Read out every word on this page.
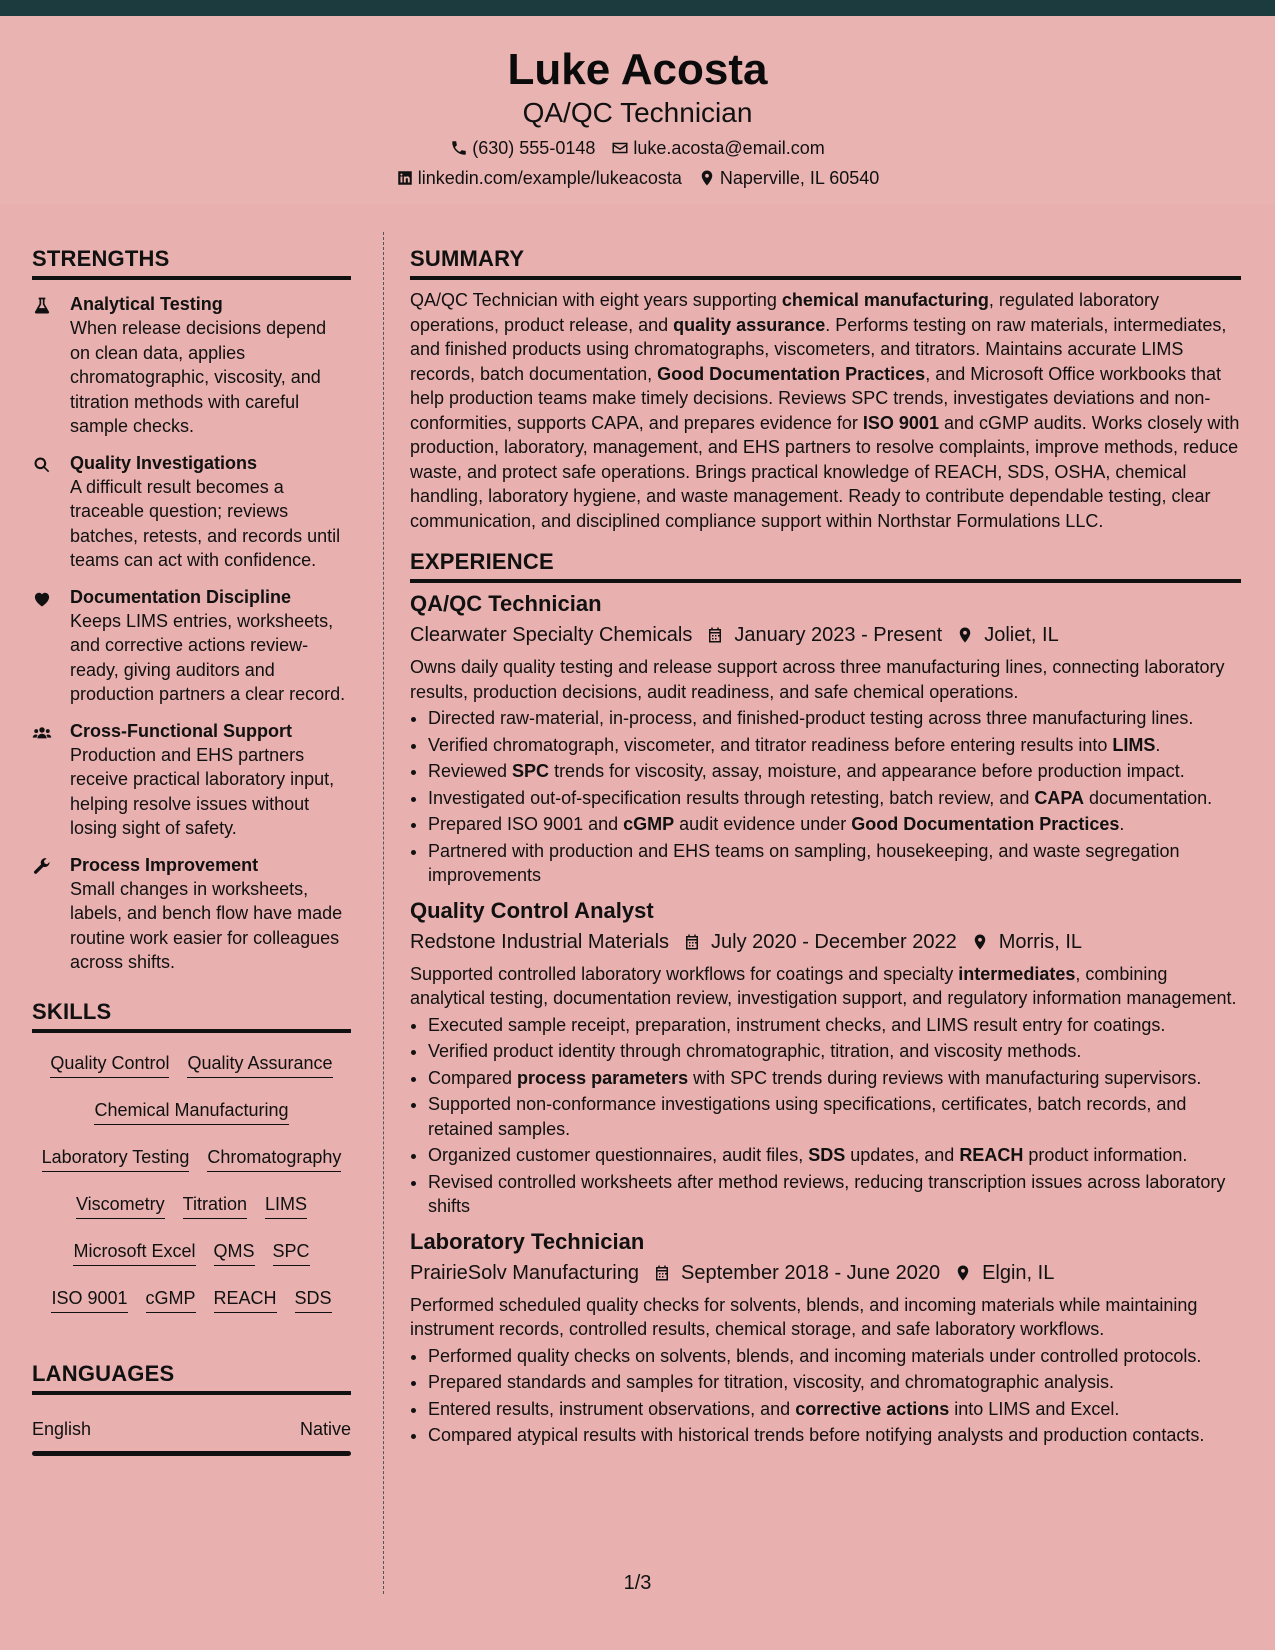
Luke Acosta
QA/QC Technician
(630) 555-0148 luke.acosta@email.com
linkedin.com/example/lukeacosta Naperville, IL 60540
STRENGTHS
Analytical Testing
When release decisions depend on clean data, applies chromatographic, viscosity, and titration methods with careful sample checks.
Quality Investigations
A difficult result becomes a traceable question; reviews batches, retests, and records until teams can act with confidence.
Documentation Discipline
Keeps LIMS entries, worksheets, and corrective actions review-ready, giving auditors and production partners a clear record.
Cross-Functional Support
Production and EHS partners receive practical laboratory input, helping resolve issues without losing sight of safety.
Process Improvement
Small changes in worksheets, labels, and bench flow have made routine work easier for colleagues across shifts.
SKILLS
Quality Control Quality Assurance
Chemical Manufacturing
Laboratory Testing Chromatography
Viscometry Titration LIMS
Microsoft Excel QMS SPC
ISO 9001 cGMP REACH SDS
LANGUAGES
English	Native
SUMMARY

QA/QC Technician with eight years supporting chemical manufacturing, regulated laboratory operations, product release, and quality assurance. Performs testing on raw materials, intermediates, and finished products using chromatographs, viscometers, and titrators. Maintains accurate LIMS records, batch documentation, Good Documentation Practices, and Microsoft Office workbooks that help production teams make timely decisions. Reviews SPC trends, investigates deviations and non-conformities, supports CAPA, and prepares evidence for ISO 9001 and cGMP audits. Works closely with production, laboratory, management, and EHS partners to resolve complaints, improve methods, reduce waste, and protect safe operations. Brings practical knowledge of REACH, SDS, OSHA, chemical handling, laboratory hygiene, and waste management. Ready to contribute dependable testing, clear communication, and disciplined compliance support within Northstar Formulations LLC.

EXPERIENCE
QA/QC Technician
Clearwater Specialty Chemicals January 2023 - Present Joliet, IL
Owns daily quality testing and release support across three manufacturing lines, connecting laboratory results, production decisions, audit readiness, and safe chemical operations.
• Directed raw-material, in-process, and finished-product testing across three manufacturing lines.
• Verified chromatograph, viscometer, and titrator readiness before entering results into LIMS.
• Reviewed SPC trends for viscosity, assay, moisture, and appearance before production impact.
• Investigated out-of-specification results through retesting, batch review, and CAPA documentation.
• Prepared ISO 9001 and cGMP audit evidence under Good Documentation Practices.
• Partnered with production and EHS teams on sampling, housekeeping, and waste segregation improvements
Quality Control Analyst
Redstone Industrial Materials July 2020 - December 2022 Morris, IL
Supported controlled laboratory workflows for coatings and specialty intermediates, combining analytical testing, documentation review, investigation support, and regulatory information management.
• Executed sample receipt, preparation, instrument checks, and LIMS result entry for coatings.
• Verified product identity through chromatographic, titration, and viscosity methods.
• Compared process parameters with SPC trends during reviews with manufacturing supervisors.
• Supported non-conformance investigations using specifications, certificates, batch records, and retained samples.
• Organized customer questionnaires, audit files, SDS updates, and REACH product information.
• Revised controlled worksheets after method reviews, reducing transcription issues across laboratory shifts
Laboratory Technician
PrairieSolv Manufacturing September 2018 - June 2020 Elgin, IL
Performed scheduled quality checks for solvents, blends, and incoming materials while maintaining instrument records, controlled results, chemical storage, and safe laboratory workflows.
• Performed quality checks on solvents, blends, and incoming materials under controlled protocols.
• Prepared standards and samples for titration, viscosity, and chromatographic analysis.
• Entered results, instrument observations, and corrective actions into LIMS and Excel.
• Compared atypical results with historical trends before notifying analysts and production contacts.
1/3
